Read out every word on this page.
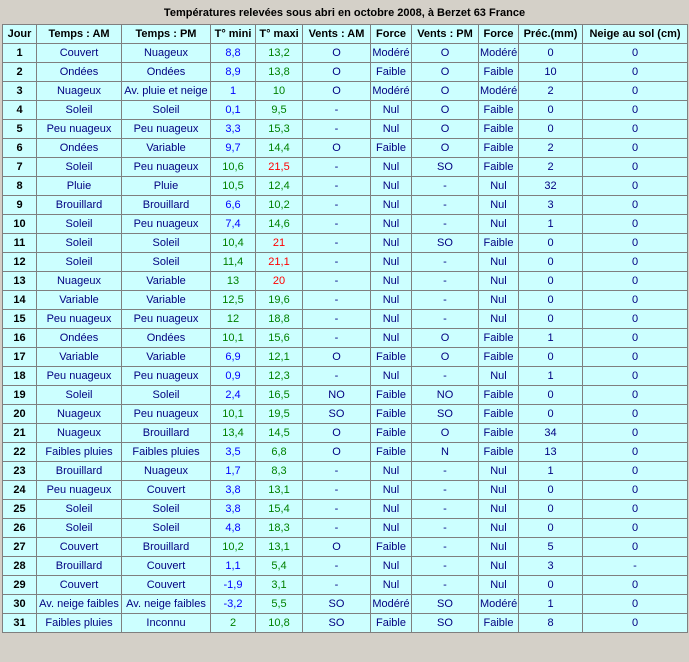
Températures relevées sous abri en octobre 2008, à Berzet 63 France
Jour	Temps : AM	Temps : PM	T° mini	T° maxi	Vents : AM	Force	Vents : PM	Force	Préc.(mm)	Neige au sol (cm)
1	Couvert	Nuageux	8,8	13,2	O	Modéré	O	Modéré	0	0
2	Ondées	Ondées	8,9	13,8	O	Faible	O	Faible	10	0
3	Nuageux	Av. pluie et neige	1	10	O	Modéré	O	Modéré	2	0
4	Soleil	Soleil	0,1	9,5	-	Nul	O	Faible	0	0
5	Peu nuageux	Peu nuageux	3,3	15,3	-	Nul	O	Faible	0	0
6	Ondées	Variable	9,7	14,4	O	Faible	O	Faible	2	0
7	Soleil	Peu nuageux	10,6	21,5	-	Nul	SO	Faible	2	0
8	Pluie	Pluie	10,5	12,4	-	Nul	-	Nul	32	0
9	Brouillard	Brouillard	6,6	10,2	-	Nul	-	Nul	3	0
10	Soleil	Peu nuageux	7,4	14,6	-	Nul	-	Nul	1	0
11	Soleil	Soleil	10,4	21	-	Nul	SO	Faible	0	0
12	Soleil	Soleil	11,4	21,1	-	Nul	-	Nul	0	0
13	Nuageux	Variable	13	20	-	Nul	-	Nul	0	0
14	Variable	Variable	12,5	19,6	-	Nul	-	Nul	0	0
15	Peu nuageux	Peu nuageux	12	18,8	-	Nul	-	Nul	0	0
16	Ondées	Ondées	10,1	15,6	-	Nul	O	Faible	1	0
17	Variable	Variable	6,9	12,1	O	Faible	O	Faible	0	0
18	Peu nuageux	Peu nuageux	0,9	12,3	-	Nul	-	Nul	1	0
19	Soleil	Soleil	2,4	16,5	NO	Faible	NO	Faible	0	0
20	Nuageux	Peu nuageux	10,1	19,5	SO	Faible	SO	Faible	0	0
21	Nuageux	Brouillard	13,4	14,5	O	Faible	O	Faible	34	0
22	Faibles pluies	Faibles pluies	3,5	6,8	O	Faible	N	Faible	13	0
23	Brouillard	Nuageux	1,7	8,3	-	Nul	-	Nul	1	0
24	Peu nuageux	Couvert	3,8	13,1	-	Nul	-	Nul	0	0
25	Soleil	Soleil	3,8	15,4	-	Nul	-	Nul	0	0
26	Soleil	Soleil	4,8	18,3	-	Nul	-	Nul	0	0
27	Couvert	Brouillard	10,2	13,1	O	Faible	-	Nul	5	0
28	Brouillard	Couvert	1,1	5,4	-	Nul	-	Nul	3	-
29	Couvert	Couvert	-1,9	3,1	-	Nul	-	Nul	0	0
30	Av. neige faibles	Av. neige faibles	-3,2	5,5	SO	Modéré	SO	Modéré	1	0
31	Faibles pluies	Inconnu	2	10,8	SO	Faible	SO	Faible	8	0
